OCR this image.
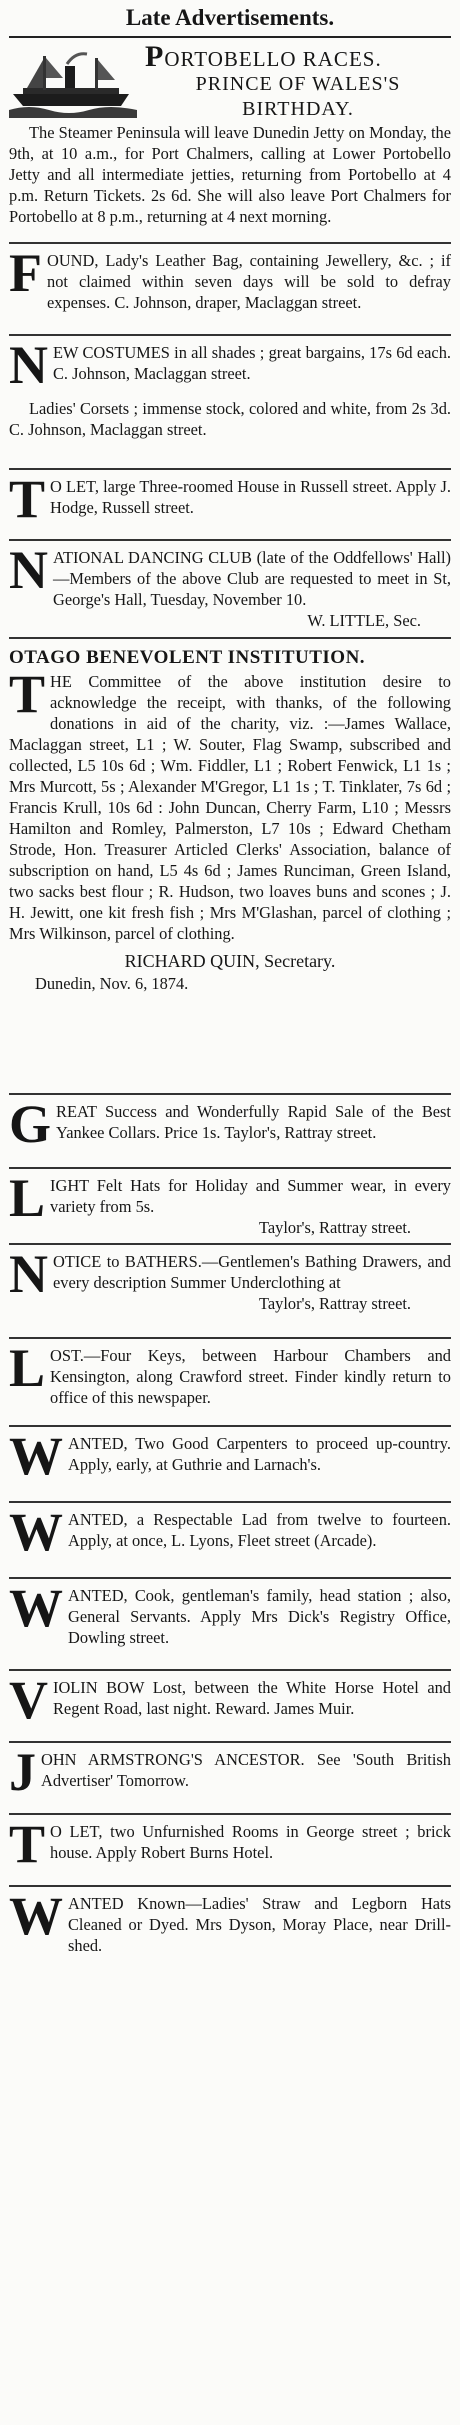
Late Advertisements.
PORTOBELLO RACES.
PRINCE OF WALES'S BIRTHDAY.

The Steamer Peninsula will leave Dunedin Jetty on Monday, the 9th, at 10 a.m., for Port Chalmers, calling at Lower Portobello Jetty and all intermediate jetties, returning from Portobello at 4 p.m. Return Tickets. 2s 6d. She will also leave Port Chalmers for Portobello at 8 p.m., returning at 4 next morning.

F OUND, Lady's Leather Bag, containing Jewellery, &c. ; if not claimed within seven days will be sold to defray expenses. C. Johnson, draper, Maclaggan street.

N EW COSTUMES in all shades ; great bargains, 17s 6d each. C. Johnson, Maclaggan street.

Ladies' Corsets ; immense stock, colored and white, from 2s 3d. C. Johnson, Maclaggan street.

T O LET, large Three-roomed House in Russell street. Apply J. Hodge, Russell street.

N ATIONAL DANCING CLUB (late of the Oddfellows' Hall) —Members of the above Club are requested to meet in St, George's Hall, Tuesday, November 10.

W. LITTLE, Sec.
OTAGO BENEVOLENT INSTITUTION.
T HE Committee of the above institution desire to acknowledge the receipt, with thanks, of the following donations in aid of the charity, viz. :—James Wallace, Maclaggan street, L1 ; W. Souter, Flag Swamp, subscribed and collected, L5 10s 6d ; Wm. Fiddler, L1 ; Robert Fenwick, L1 1s ; Mrs Murcott, 5s ; Alexander M'Gregor, L1 1s ; T. Tinklater, 7s 6d ; Francis Krull, 10s 6d : John Duncan, Cherry Farm, L10 ; Messrs Hamilton and Romley, Palmerston, L7 10s ; Edward Chetham Strode, Hon. Treasurer Articled Clerks' Association, balance of subscription on hand, L5 4s 6d ; James Runciman, Green Island, two sacks best flour ; R. Hudson, two loaves buns and scones ; J. H. Jewitt, one kit fresh fish ; Mrs M'Glashan, parcel of clothing ; Mrs Wilkinson, parcel of clothing.

RICHARD QUIN, Secretary.
Dunedin, Nov. 6, 1874.
G REAT Success and Wonderfully Rapid Sale of the Best Yankee Collars. Price 1s. Taylor's, Rattray street.

L IGHT Felt Hats for Holiday and Summer wear, in every variety from 5s.

Taylor's, Rattray street.
N OTICE to BATHERS.—Gentlemen's Bathing Drawers, and every description Summer Underclothing at

Taylor's, Rattray street.
L OST.—Four Keys, between Harbour Chambers and Kensington, along Crawford street. Finder kindly return to office of this newspaper.

W ANTED, Two Good Carpenters to proceed up-country. Apply, early, at Guthrie and Larnach's.

W ANTED, a Respectable Lad from twelve to fourteen. Apply, at once, L. Lyons, Fleet street (Arcade).

W ANTED, Cook, gentleman's family, head station ; also, General Servants. Apply Mrs Dick's Registry Office, Dowling street.

V IOLIN BOW Lost, between the White Horse Hotel and Regent Road, last night. Reward. James Muir.

J OHN ARMSTRONG'S ANCESTOR. See 'South British Advertiser' Tomorrow.

T O LET, two Unfurnished Rooms in George street ; brick house. Apply Robert Burns Hotel.

W ANTED Known—Ladies' Straw and Legborn Hats Cleaned or Dyed. Mrs Dyson, Moray Place, near Drill-shed.
